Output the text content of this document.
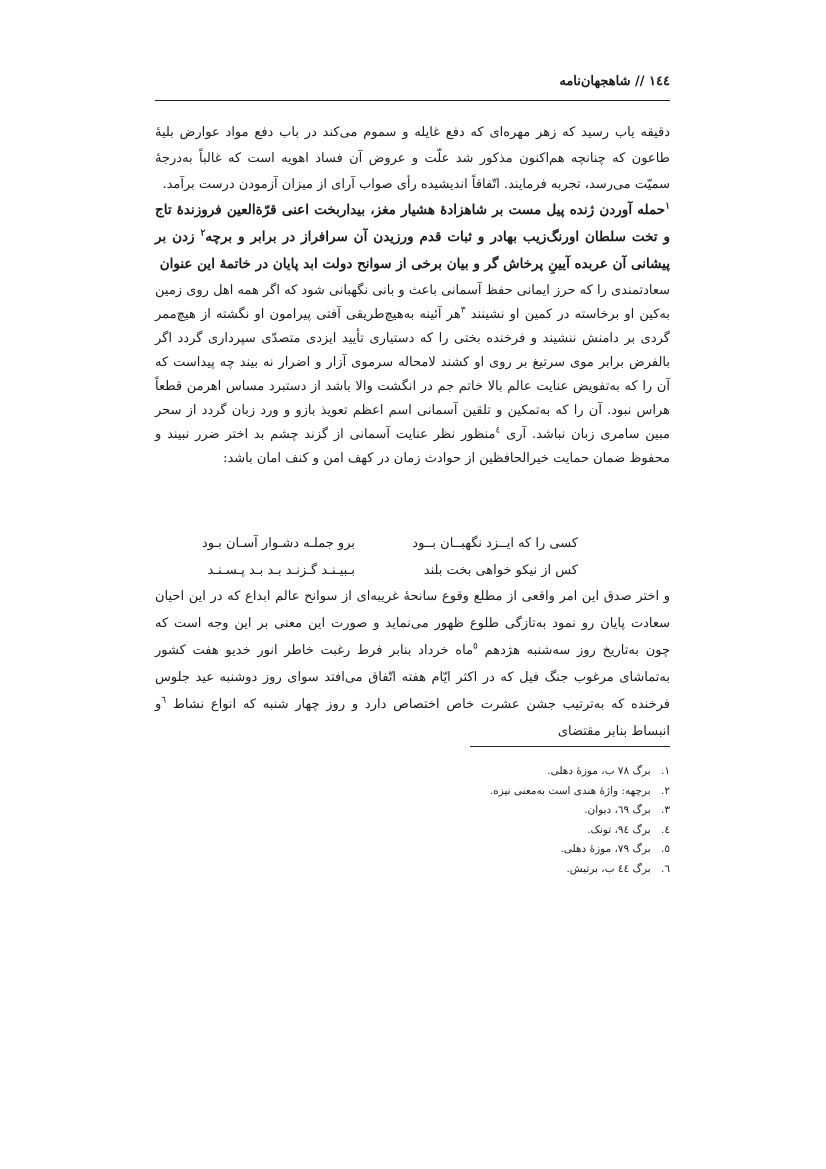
١٤٤ // شاهجهان‌نامه
دقیقه یاب رسید که زهر مهره‌ای که دفع غایله و سموم می‌کند در باب دفع مواد عوارض بلیهٔ طاعون که چنانچه هم‌اکنون مذکور شد علّت و عروض آن فساد اهویه است که غالباً به‌درجهٔ سمیّت می‌رسد، تجربه فرمایند. اتّفاقاً اندیشیده رأی صواب آرای از میزان آزمودن درست برآمد.
$^١$حمله آوردن ژنده پیل مست بر شاهزادهٔ هشیار مغز، بیداربخت اعنی قرّةالعین فروزندهٔ تاج و تخت سلطان اورنگ‌زیب بهادر و ثبات قدم ورزیدن آن سرافراز در برابر و برچه$^٢$ زدن بر پیشانی آن عربده آیینِ پرخاش گر و بیان برخی از سوانح دولت ابد پایان در خاتمهٔ این عنوان
سعادتمندی را که حرز ایمانی حفظ آسمانی باعث و بانی نگهبانی شود که اگر همه اهل روی زمین به‌کین او برخاسته در کمین او نشینند $^٣$هر آئینه به‌هیچ‌طریقی آفتی پیرامون او نگشته از هیچ‌ممر گردی بر دامنش ننشیند و فرخنده بختی را که دستیاری تأیید ایزدی متصدّی سپرداری گردد اگر بالفرض برابر موی سرتیغ بر روی او کشند لامحاله سرموی آزار و اضرار نه بیند چه پیداست که آن را که به‌تفویض عنایت عالم بالا خاتم جم در انگشت والا باشد از دستبرد مساس اهرمن قطعاً هراس نبود. آن را که به‌تمکین و تلقین آسمانی اسم اعظم تعویذ بازو و ورد زبان گردد از سحر مبین سامری زبان نباشد. آری $^٤$منظور نظر عنایت آسمانی از گزند چشم بد اختر ضرر نبیند و محفوظ ضمان حمایت خیرالحافظین از حوادث زمان در کهف امن و کنف امان باشد:
کسی را که ایــزد نگهبــان بــود
برو جملـه دشـوار آسـان بـود
کس از نیکو خواهی بخت بلند
بـبیـنـد گـزنـد بـد بـد پـسـنـد
و اختر صدق این امر واقعی از مطلع وقوع سانحهٔ غریبه‌ای از سوانح عالم ابداع که در این احیان سعادت پایان رو نمود به‌تازگی طلوع ظهور می‌نماید و صورت این معنی بر این وجه است که چون به‌تاریخ روز سه‌شنبه هژدهم $^٥$ماه خرداد بنابر فرط رغبت خاطر انور خدیو هفت کشور به‌تماشای مرغوب جنگ فیل که در اکثر ایّام هفته اتّفاق می‌افتد سوای روز دوشنبه عید جلوس فرخنده که به‌ترتیب جشن عشرت خاص اختصاص دارد و روز چهار شنبه که انواع نشاط $^٦$و انبساط بنابر مقتضای
١. برگ ٧٨ ب، موزهٔ دهلی.
٢. برچهه: واژهٔ هندی است به‌معنی نیزه.
٣. برگ ٦٩، دیوان.
٤. برگ ٩٤، تونک.
٥. برگ ٧٩، موزهٔ دهلی.
٦. برگ ٤٤ ب، برتیش.
